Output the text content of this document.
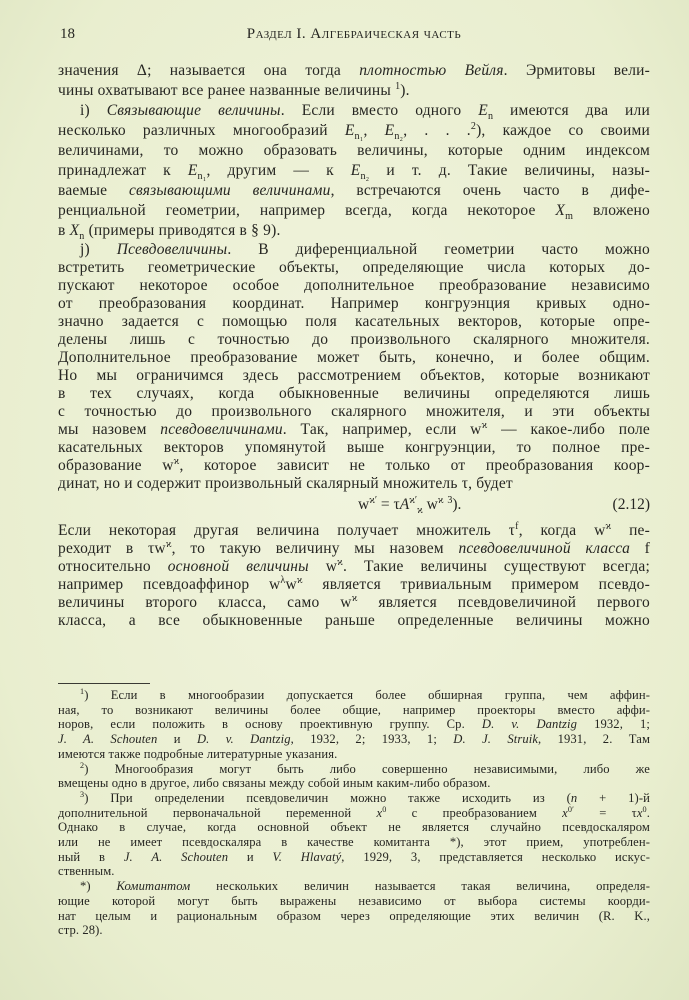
18	Раздел I. Алгебраическая часть
значения Δ; называется она тогда плотностью Вейля. Эрмитовы вели-
чины охватывают все ранее названные величины $^1$).
i) Связывающие величины. Если вместо одного $E_n$ имеются два или
несколько различных многообразий $E_{n_1}$, $E_{n_2}$, . . .$^2$), каждое со своими
величинами, то можно образовать величины, которые одним индексом
принадлежат к $E_{n_1}$, другим — к $E_{n_2}$ и т. д. Такие величины, назы-
ваемые связывающими величинами, встречаются очень часто в дифе-
ренциальной геометрии, например всегда, когда некоторое $X_m$ вложено
в $X_n$ (примеры приводятся в § 9).
j) Псевдовеличины. В диференциальной геометрии часто можно
встретить геометрические объекты, определяющие числа которых до-
пускают некоторое особое дополнительное преобразование независимо
от преобразования координат. Например конгруэнция кривых одно-
значно задается с помощью поля касательных векторов, которые опре-
делены лишь с точностью до произвольного скалярного множителя.
Дополнительное преобразование может быть, конечно, и более общим.
Но мы ограничимся здесь рассмотрением объектов, которые возникают
в тех случаях, когда обыкновенные величины определяются лишь
с точностью до произвольного скалярного множителя, и эти объекты
мы назовем псевдовеличинами. Так, например, если $w^ϰ$ — какое-либо поле
касательных векторов упомянутой выше конгруэнции, то полное пре-
образование $w^ϰ$, которое зависит не только от преобразования коор-
динат, но и содержит произвольный скалярный множитель τ, будет
$w^{ϰ'} = \tau A^{ϰ'}_ϰ$ $w^ϰ$ $^3$).	(2.12)
Если некоторая другая величина получает множитель $\tau^f$, когда $w^ϰ$ пе-
реходит в $\tau w^ϰ$, то такую величину мы назовем псевдовеличиной класса f
относительно основной величины $w^ϰ$. Такие величины существуют всегда;
например псевдоаффинор $w^\lambda w^ϰ$ является тривиальным примером псевдо-
величины второго класса, само $w^ϰ$ является псевдовеличиной первого
класса, а все обыкновенные раньше определенные величины можно
$^1$) Если в многообразии допускается более обширная группа, чем аффин-
ная, то возникают величины более общие, например проекторы вместо аффи-
норов, если положить в основу проективную группу. Ср. D. v. Dantzig 1932, 1;
J. A. Schouten и D. v. Dantzig, 1932, 2; 1933, 1; D. J. Struik, 1931, 2. Там
имеются также подробные литературные указания.
$^2$) Многообразия могут быть либо совершенно независимыми, либо же
вмещены одно в другое, либо связаны между собой иным каким-либо образом.
$^3$) При определении псевдовеличин можно также исходить из (n + 1)-й
дополнительной первоначальной переменной $x^0$ с преобразованием $x^{0'} = \tau x^0$.
Однако в случае, когда основной объект не является случайно псевдоскаляром
или не имеет псевдоскаляра в качестве комитанта *), этот прием, употреблен-
ный в J. A. Schouten и V. Hlavatý, 1929, 3, представляется несколько искус-
ственным.
*) Комитантом нескольких величин называется такая величина, определя-
ющие которой могут быть выражены независимо от выбора системы коорди-
нат целым и рациональным образом через определяющие этих величин (R. K.,
стр. 28).
